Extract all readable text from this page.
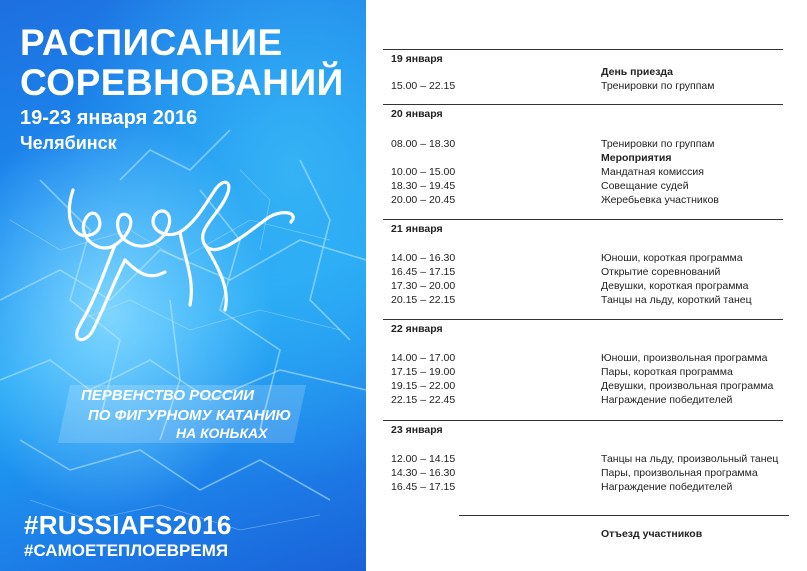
РАСПИСАНИЕ
СОРЕВНОВАНИЙ
19-23 января 2016
Челябинск
ПЕРВЕНСТВО РОССИИ
ПО ФИГУРНОМУ КАТАНИЮ
НА КОНЬКАХ
#RUSSIAFS2016
#САМОЕТЕПЛОЕВРЕМЯ
19 января
День приезда
15.00 – 22.15	Тренировки по группам
20 января
08.00 – 18.30	Тренировки по группам
Мероприятия
10.00 – 15.00	Мандатная комиссия
18.30 – 19.45	Совещание судей
20.00 – 20.45	Жеребьевка участников
21 января
14.00 – 16.30	Юноши, короткая программа
16.45 – 17.15	Открытие соревнований
17.30 – 20.00	Девушки, короткая программа
20.15 – 22.15	Танцы на льду, короткий танец
22 января
14.00 – 17.00	Юноши, произвольная программа
17.15 – 19.00	Пары, короткая программа
19.15 – 22.00	Девушки, произвольная программа
22.15 – 22.45	Награждение победителей
23 января
12.00 – 14.15	Танцы на льду, произвольный танец
14.30 – 16.30	Пары, произвольная программа
16.45 – 17.15	Награждение победителей
Отъезд участников
